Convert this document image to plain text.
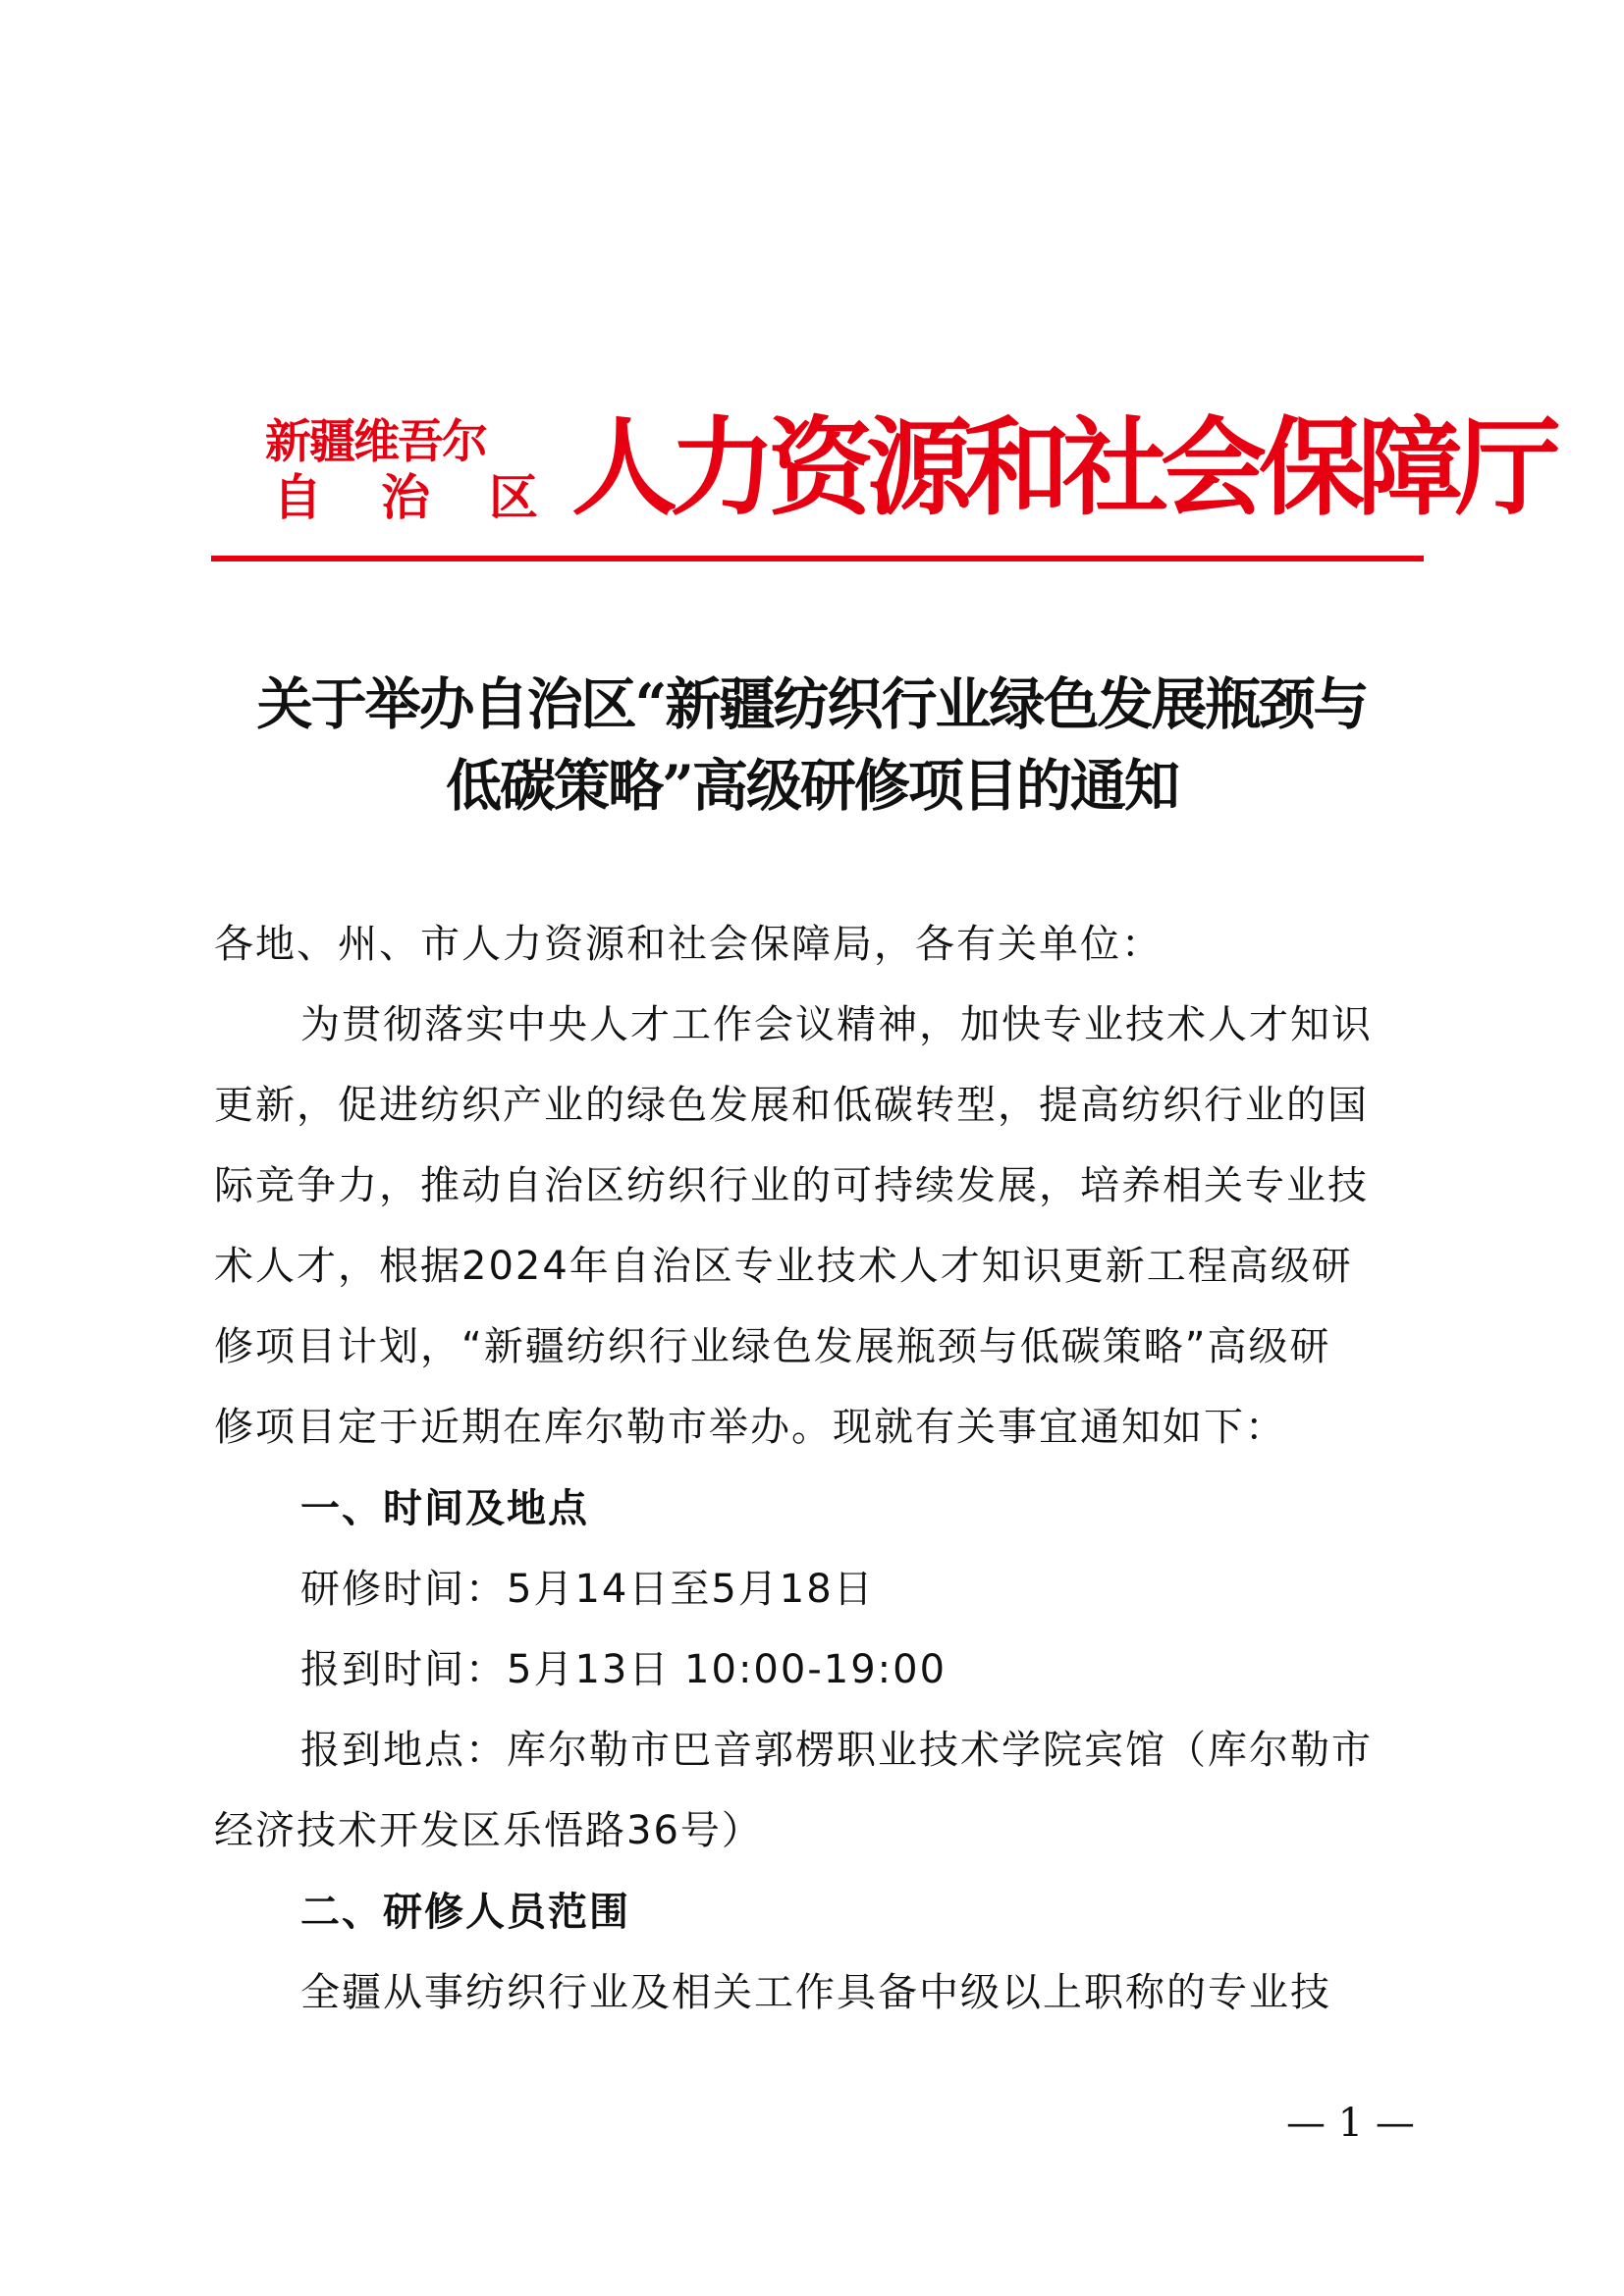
新疆维吾尔
自 治 区 人力资源和社会保障厅
关于举办自治区“新疆纺织行业绿色发展瓶颈与
低碳策略”高级研修项目的通知
各地、州、市人力资源和社会保障局，各有关单位：
为贯彻落实中央人才工作会议精神，加快专业技术人才知识
更新，促进纺织产业的绿色发展和低碳转型，提高纺织行业的国
际竞争力，推动自治区纺织行业的可持续发展，培养相关专业技
术人才，根据2024年自治区专业技术人才知识更新工程高级研
修项目计划，“新疆纺织行业绿色发展瓶颈与低碳策略”高级研
修项目定于近期在库尔勒市举办。现就有关事宜通知如下：
一、时间及地点
研修时间：5月14日至5月18日
报到时间：5月13日 10:00-19:00
报到地点：库尔勒市巴音郭楞职业技术学院宾馆（库尔勒市
经济技术开发区乐悟路36号）
二、研修人员范围
全疆从事纺织行业及相关工作具备中级以上职称的专业技
— 1 —
